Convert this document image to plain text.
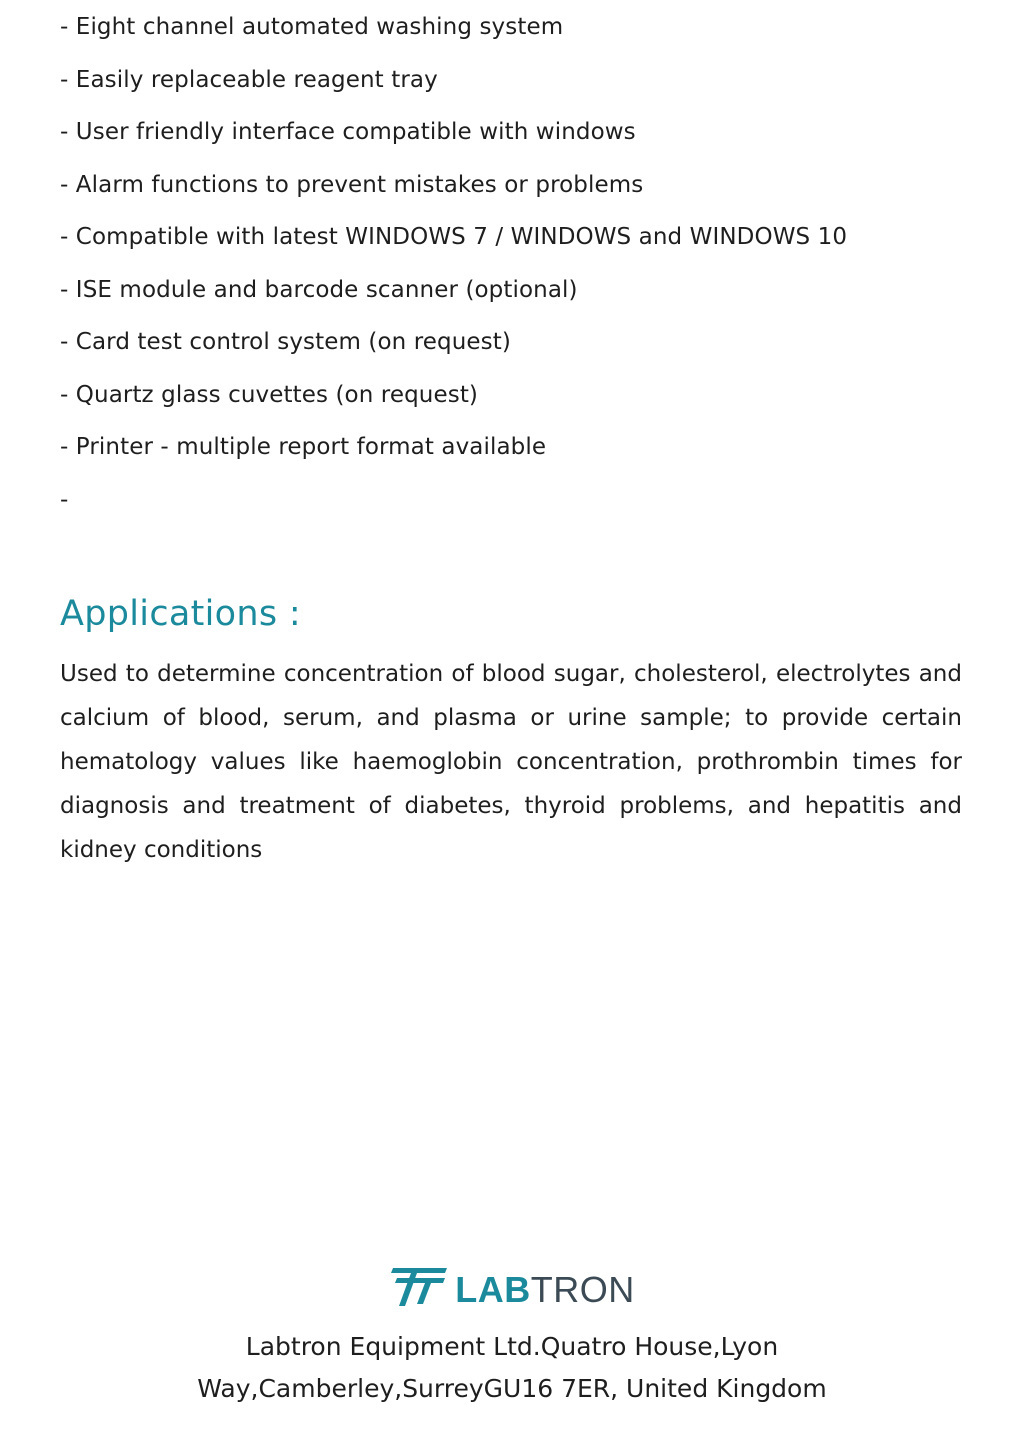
- Eight channel automated washing system
- Easily replaceable reagent tray
- User friendly interface compatible with windows
- Alarm functions to prevent mistakes or problems
- Compatible with latest WINDOWS 7 / WINDOWS and WINDOWS 10
- ISE module and barcode scanner (optional)
- Card test control system (on request)
- Quartz glass cuvettes (on request)
- Printer - multiple report format available
-
Applications :

Used to determine concentration of blood sugar, cholesterol, electrolytes and calcium of blood, serum, and plasma or urine sample; to provide certain hematology values like haemoglobin concentration, prothrombin times for diagnosis and treatment of diabetes, thyroid problems, and hepatitis and kidney conditions

LABTRON
Labtron Equipment Ltd.Quatro House,Lyon
Way,Camberley,SurreyGU16 7ER, United Kingdom
